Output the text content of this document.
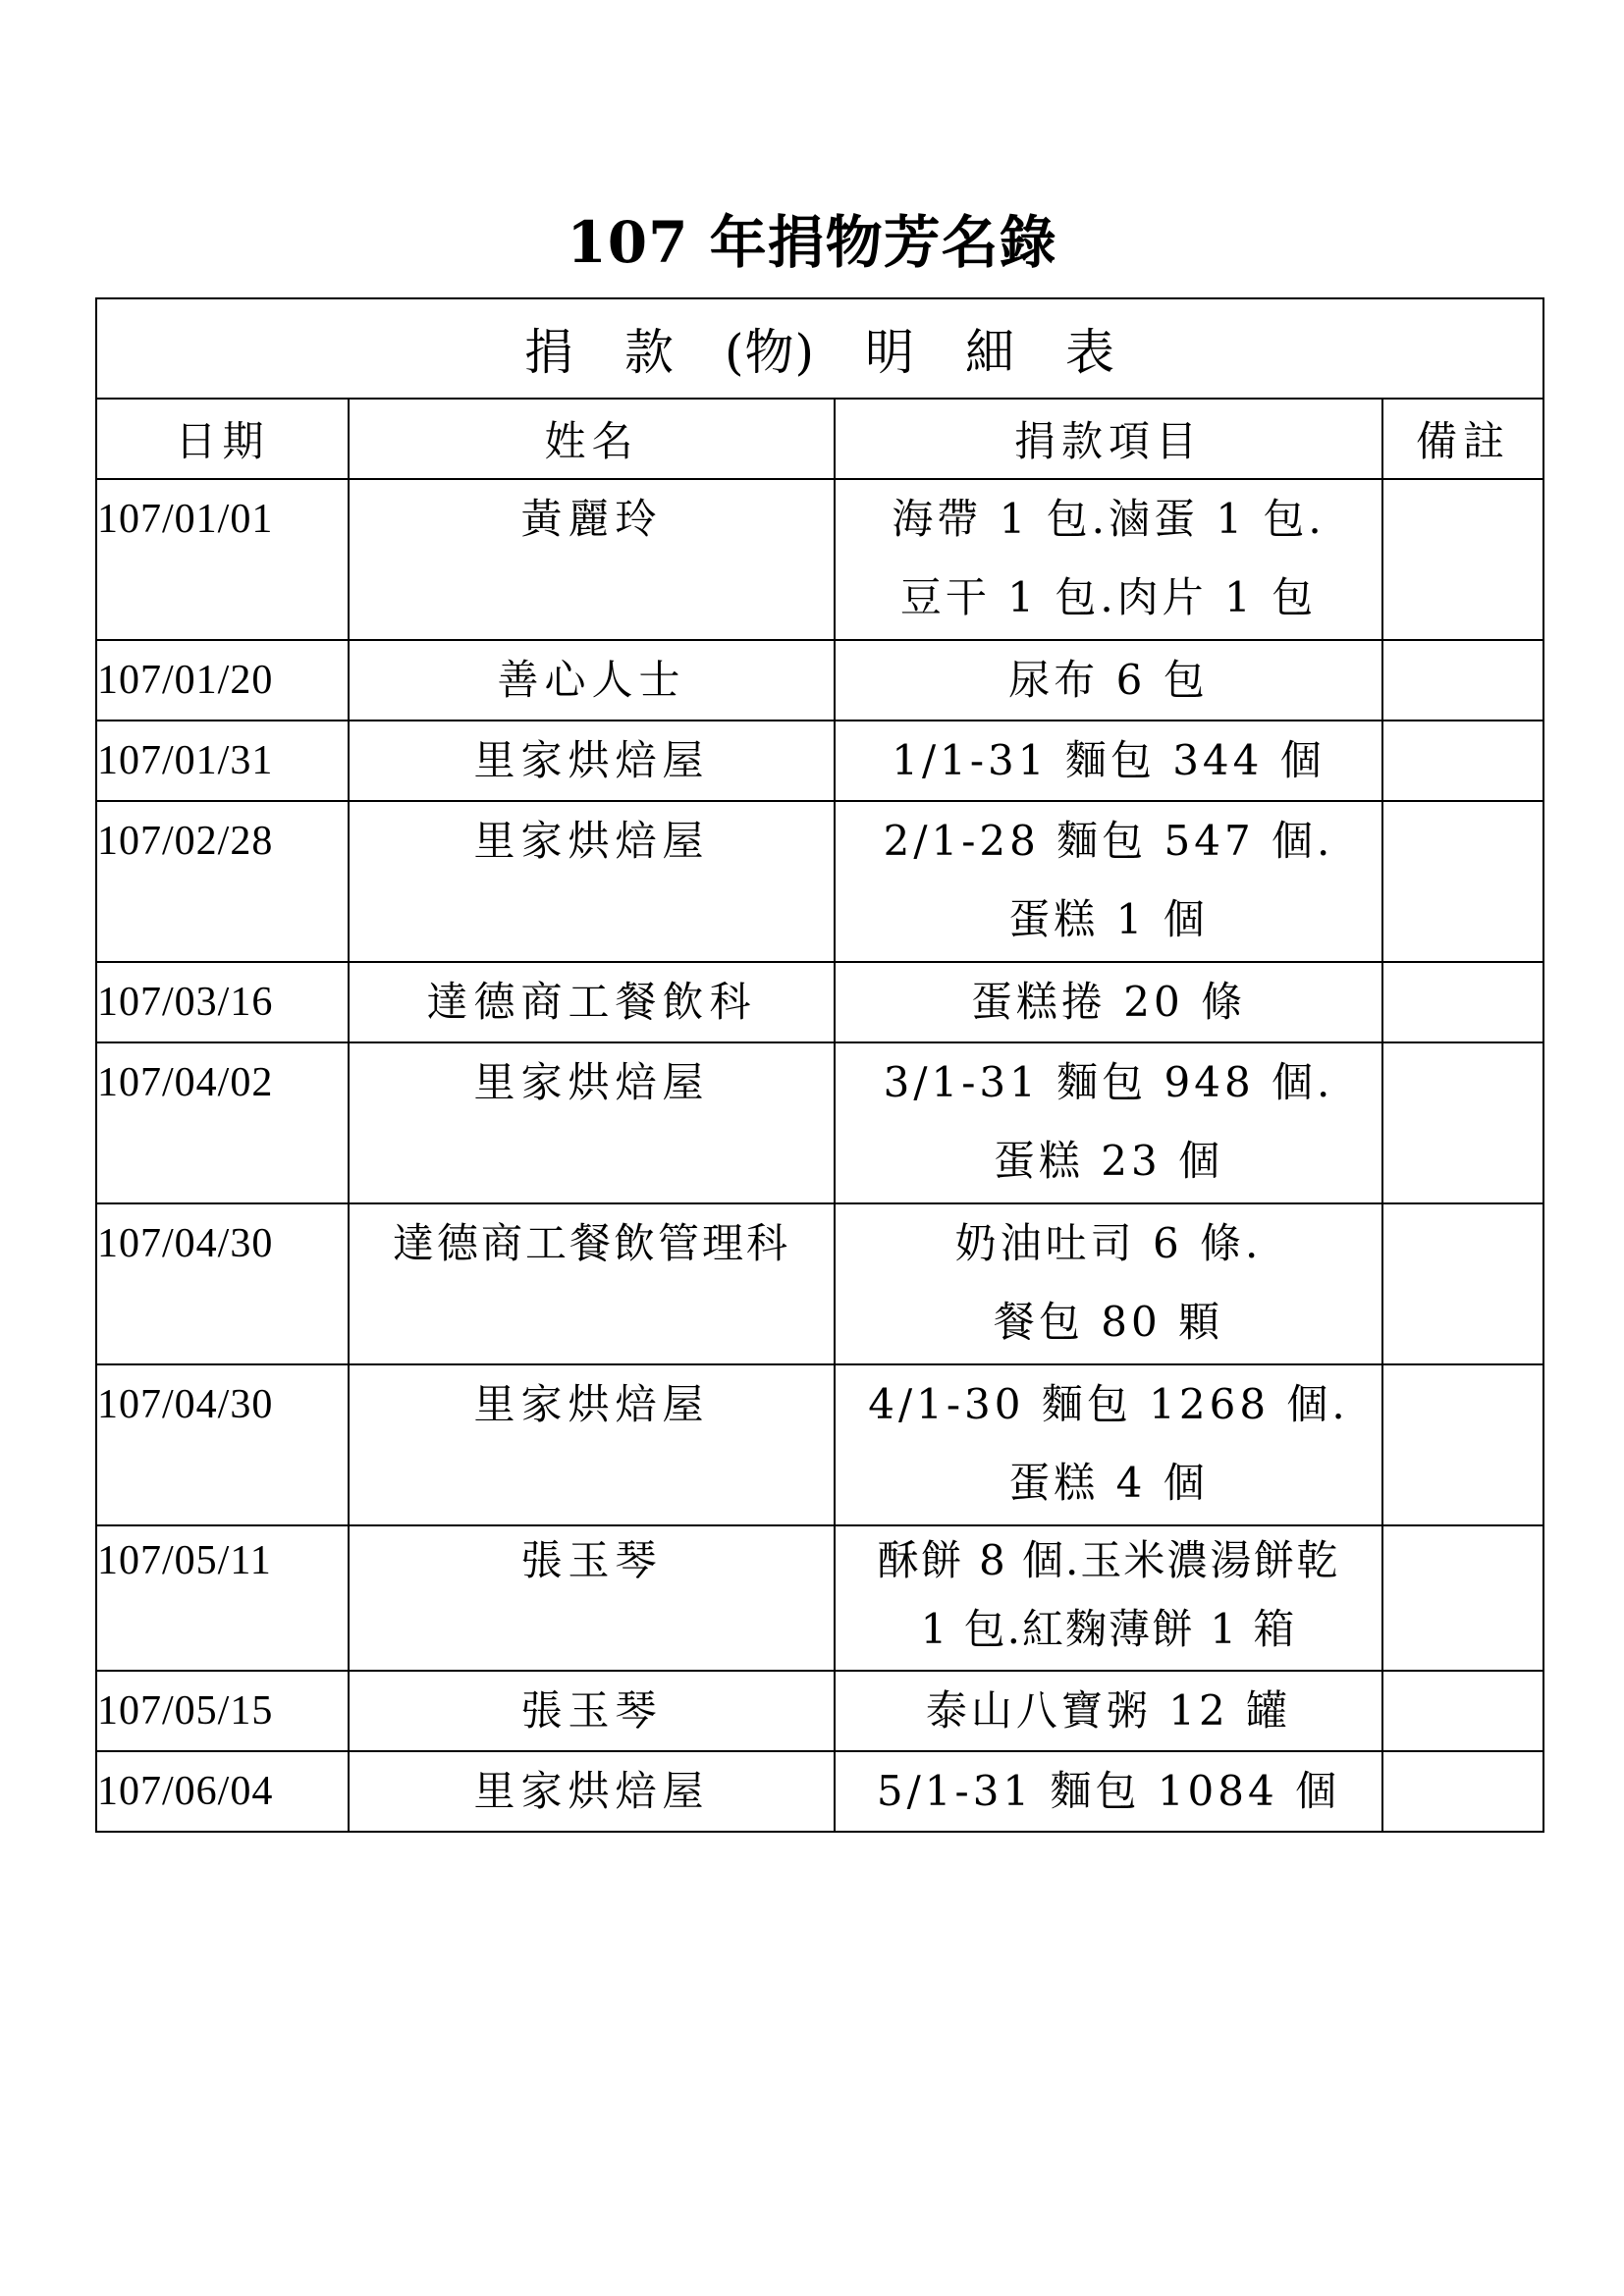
107 年捐物芳名錄
捐　款　(物)　明　細　表			
日期	姓名	捐款項目	備註

107/01/01	黃麗玲	海帶 1 包.滷蛋 1 包.
豆干 1 包.肉片 1 包	

107/01/20	善心人士	尿布 6 包	

107/01/31	里家烘焙屋	1/1-31 麵包 344 個	

107/02/28	里家烘焙屋	2/1-28 麵包 547 個.
蛋糕 1 個	

107/03/16	達德商工餐飲科	蛋糕捲 20 條	

107/04/02	里家烘焙屋	3/1-31 麵包 948 個.
蛋糕 23 個	

107/04/30	達德商工餐飲管理科	奶油吐司 6 條.
餐包 80 顆	

107/04/30	里家烘焙屋	4/1-30 麵包 1268 個.
蛋糕 4 個	

107/05/11	張玉琴	酥餅 8 個.玉米濃湯餅乾
1 包.紅麴薄餅 1 箱	

107/05/15	張玉琴	泰山八寶粥 12 罐	

107/06/04	里家烘焙屋	5/1-31 麵包 1084 個	
